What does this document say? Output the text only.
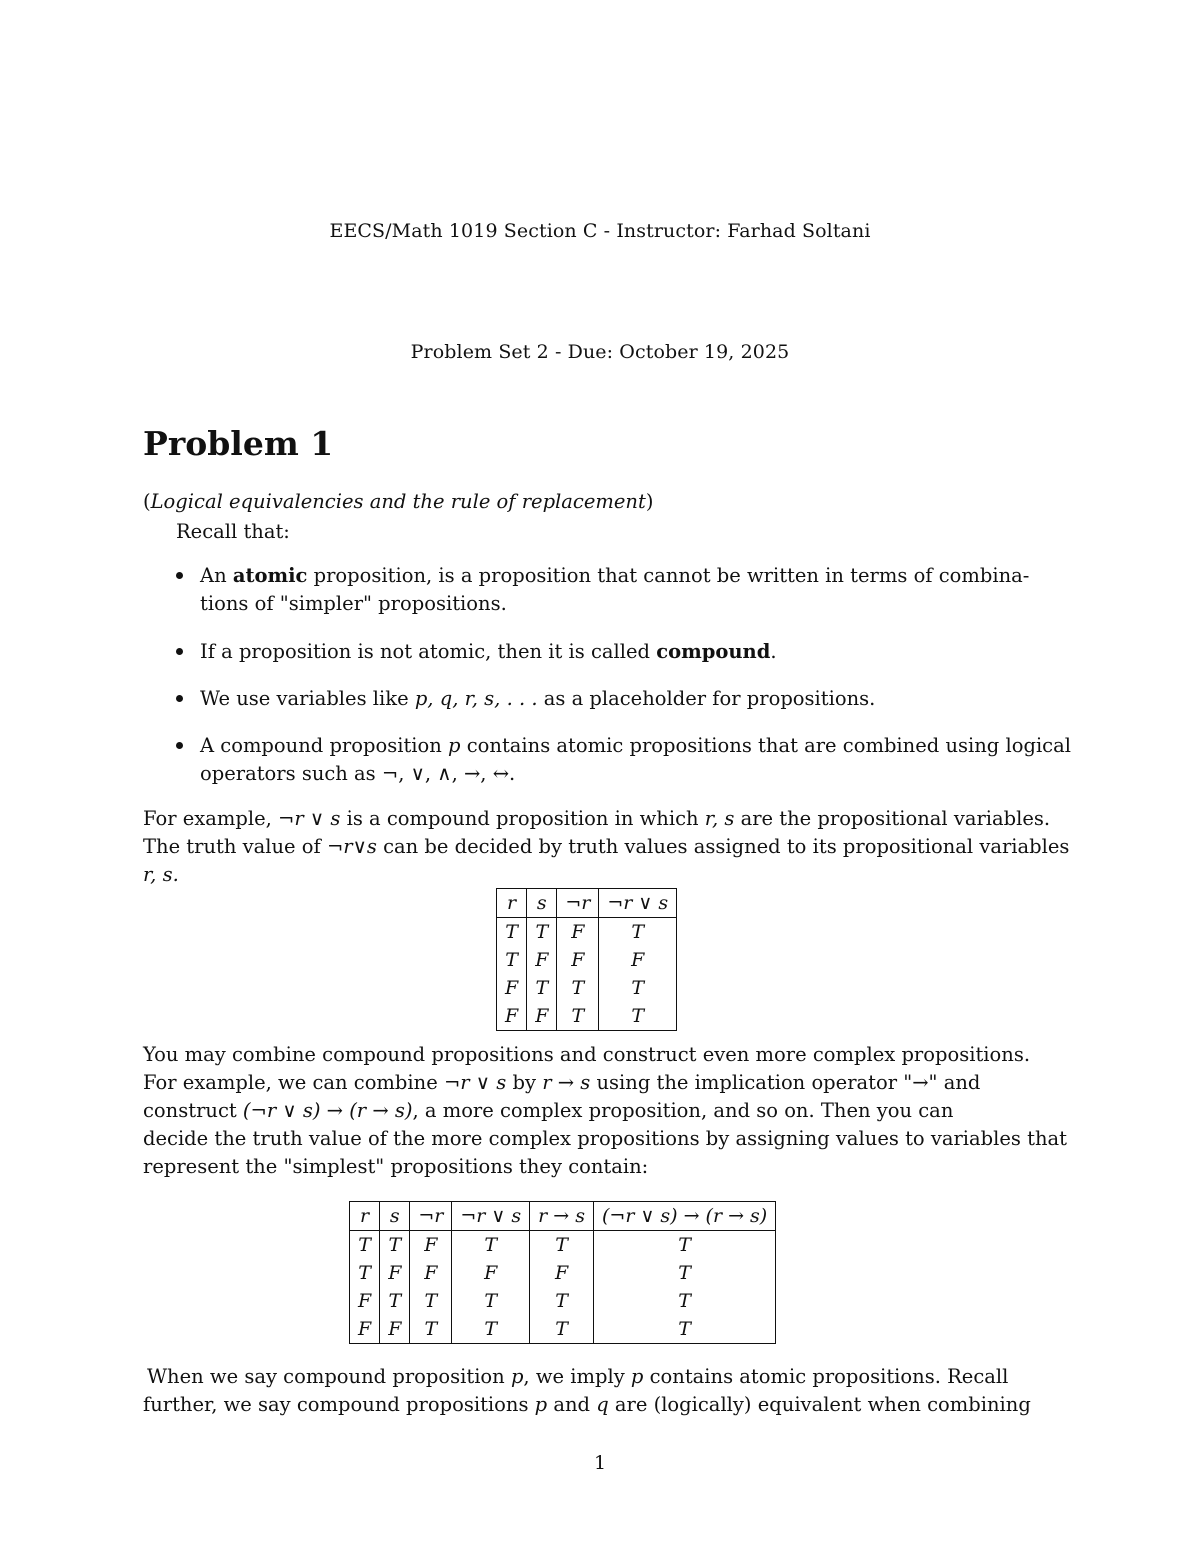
EECS/Math 1019 Section C - Instructor: Farhad Soltani
Problem Set 2 - Due: October 19, 2025
Problem 1
(Logical equivalencies and the rule of replacement)
Recall that:
An atomic proposition, is a proposition that cannot be written in terms of combina-
tions of "simpler" propositions.
If a proposition is not atomic, then it is called compound.
We use variables like p, q, r, s, . . . as a placeholder for propositions.
A compound proposition p contains atomic propositions that are combined using logical
operators such as ¬, ∨, ∧, →, ↔.
For example, ¬r ∨ s is a compound proposition in which r, s are the propositional variables.
The truth value of ¬r∨s can be decided by truth values assigned to its propositional variables
r, s.
r	s	¬r	¬r ∨ s
T	T	F	T
T	F	F	F
F	T	T	T
F	F	T	T
You may combine compound propositions and construct even more complex propositions.
For example, we can combine ¬r ∨ s by r → s using the implication operator "→" and
construct (¬r ∨ s) → (r → s), a more complex proposition, and so on. Then you can
decide the truth value of the more complex propositions by assigning values to variables that
represent the "simplest" propositions they contain:
r	s	¬r	¬r ∨ s	r → s	(¬r ∨ s) → (r → s)
T	T	F	T	T	T
T	F	F	F	F	T
F	T	T	T	T	T
F	F	T	T	T	T
When we say compound proposition p, we imply p contains atomic propositions. Recall
further, we say compound propositions p and q are (logically) equivalent when combining
1
